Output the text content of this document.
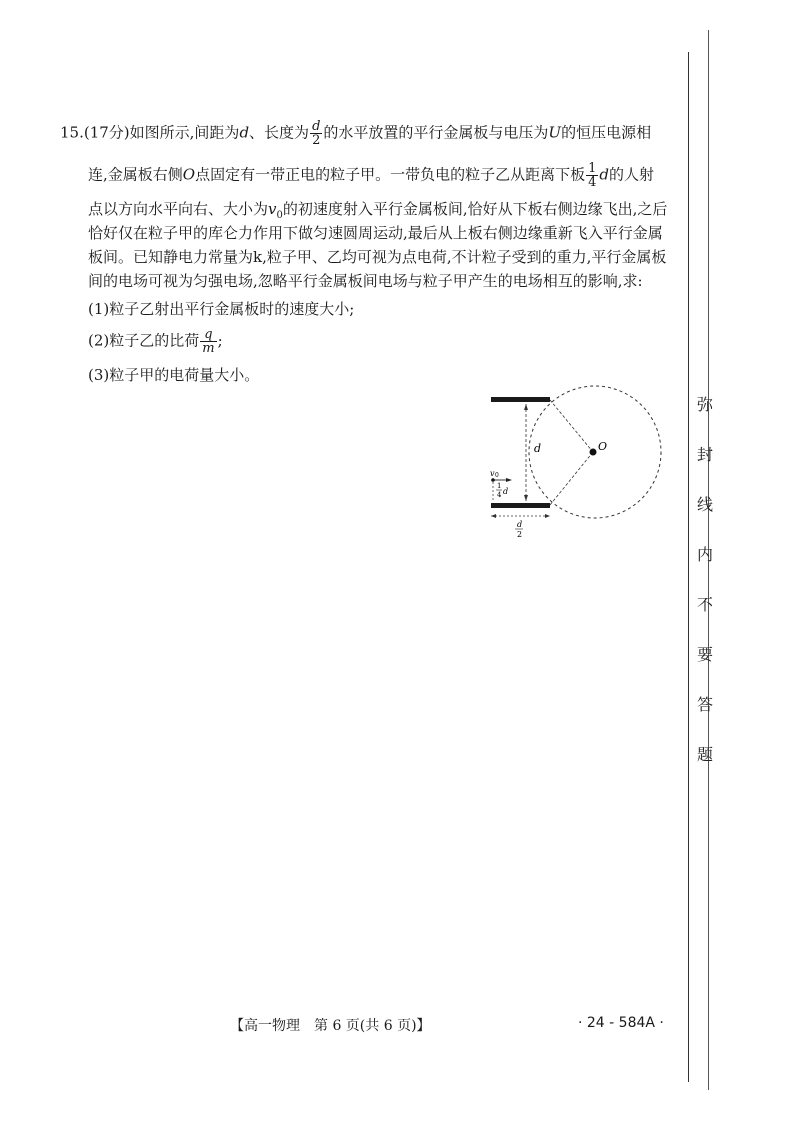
弥
封
线
内
不
要
答
题
15.(17分)如图所示,间距为d、长度为 $\frac{d}{2}$ 的水平放置的平行金属板与电压为U的恒压电源相
连,金属板右侧O点固定有一带正电的粒子甲。一带负电的粒子乙从距离下板 $\frac{1}{4}$ d的人射
点以方向水平向右、大小为$v_0$的初速度射入平行金属板间,恰好从下板右侧边缘飞出,之后
恰好仅在粒子甲的库仑力作用下做匀速圆周运动,最后从上板右侧边缘重新飞入平行金属
板间。已知静电力常量为k,粒子甲、乙均可视为点电荷,不计粒子受到的重力,平行金属板
间的电场可视为匀强电场,忽略平行金属板间电场与粒子甲产生的电场相互的影响,求:
(1)粒子乙射出平行金属板时的速度大小;
(2)粒子乙的比荷 $\frac{q}{m}$ ;
(3)粒子甲的电荷量大小。
d	O
v 0
1
4 d
d
2
【高一物理　第 6 页(共 6 页)】	· 24 - 584A ·
